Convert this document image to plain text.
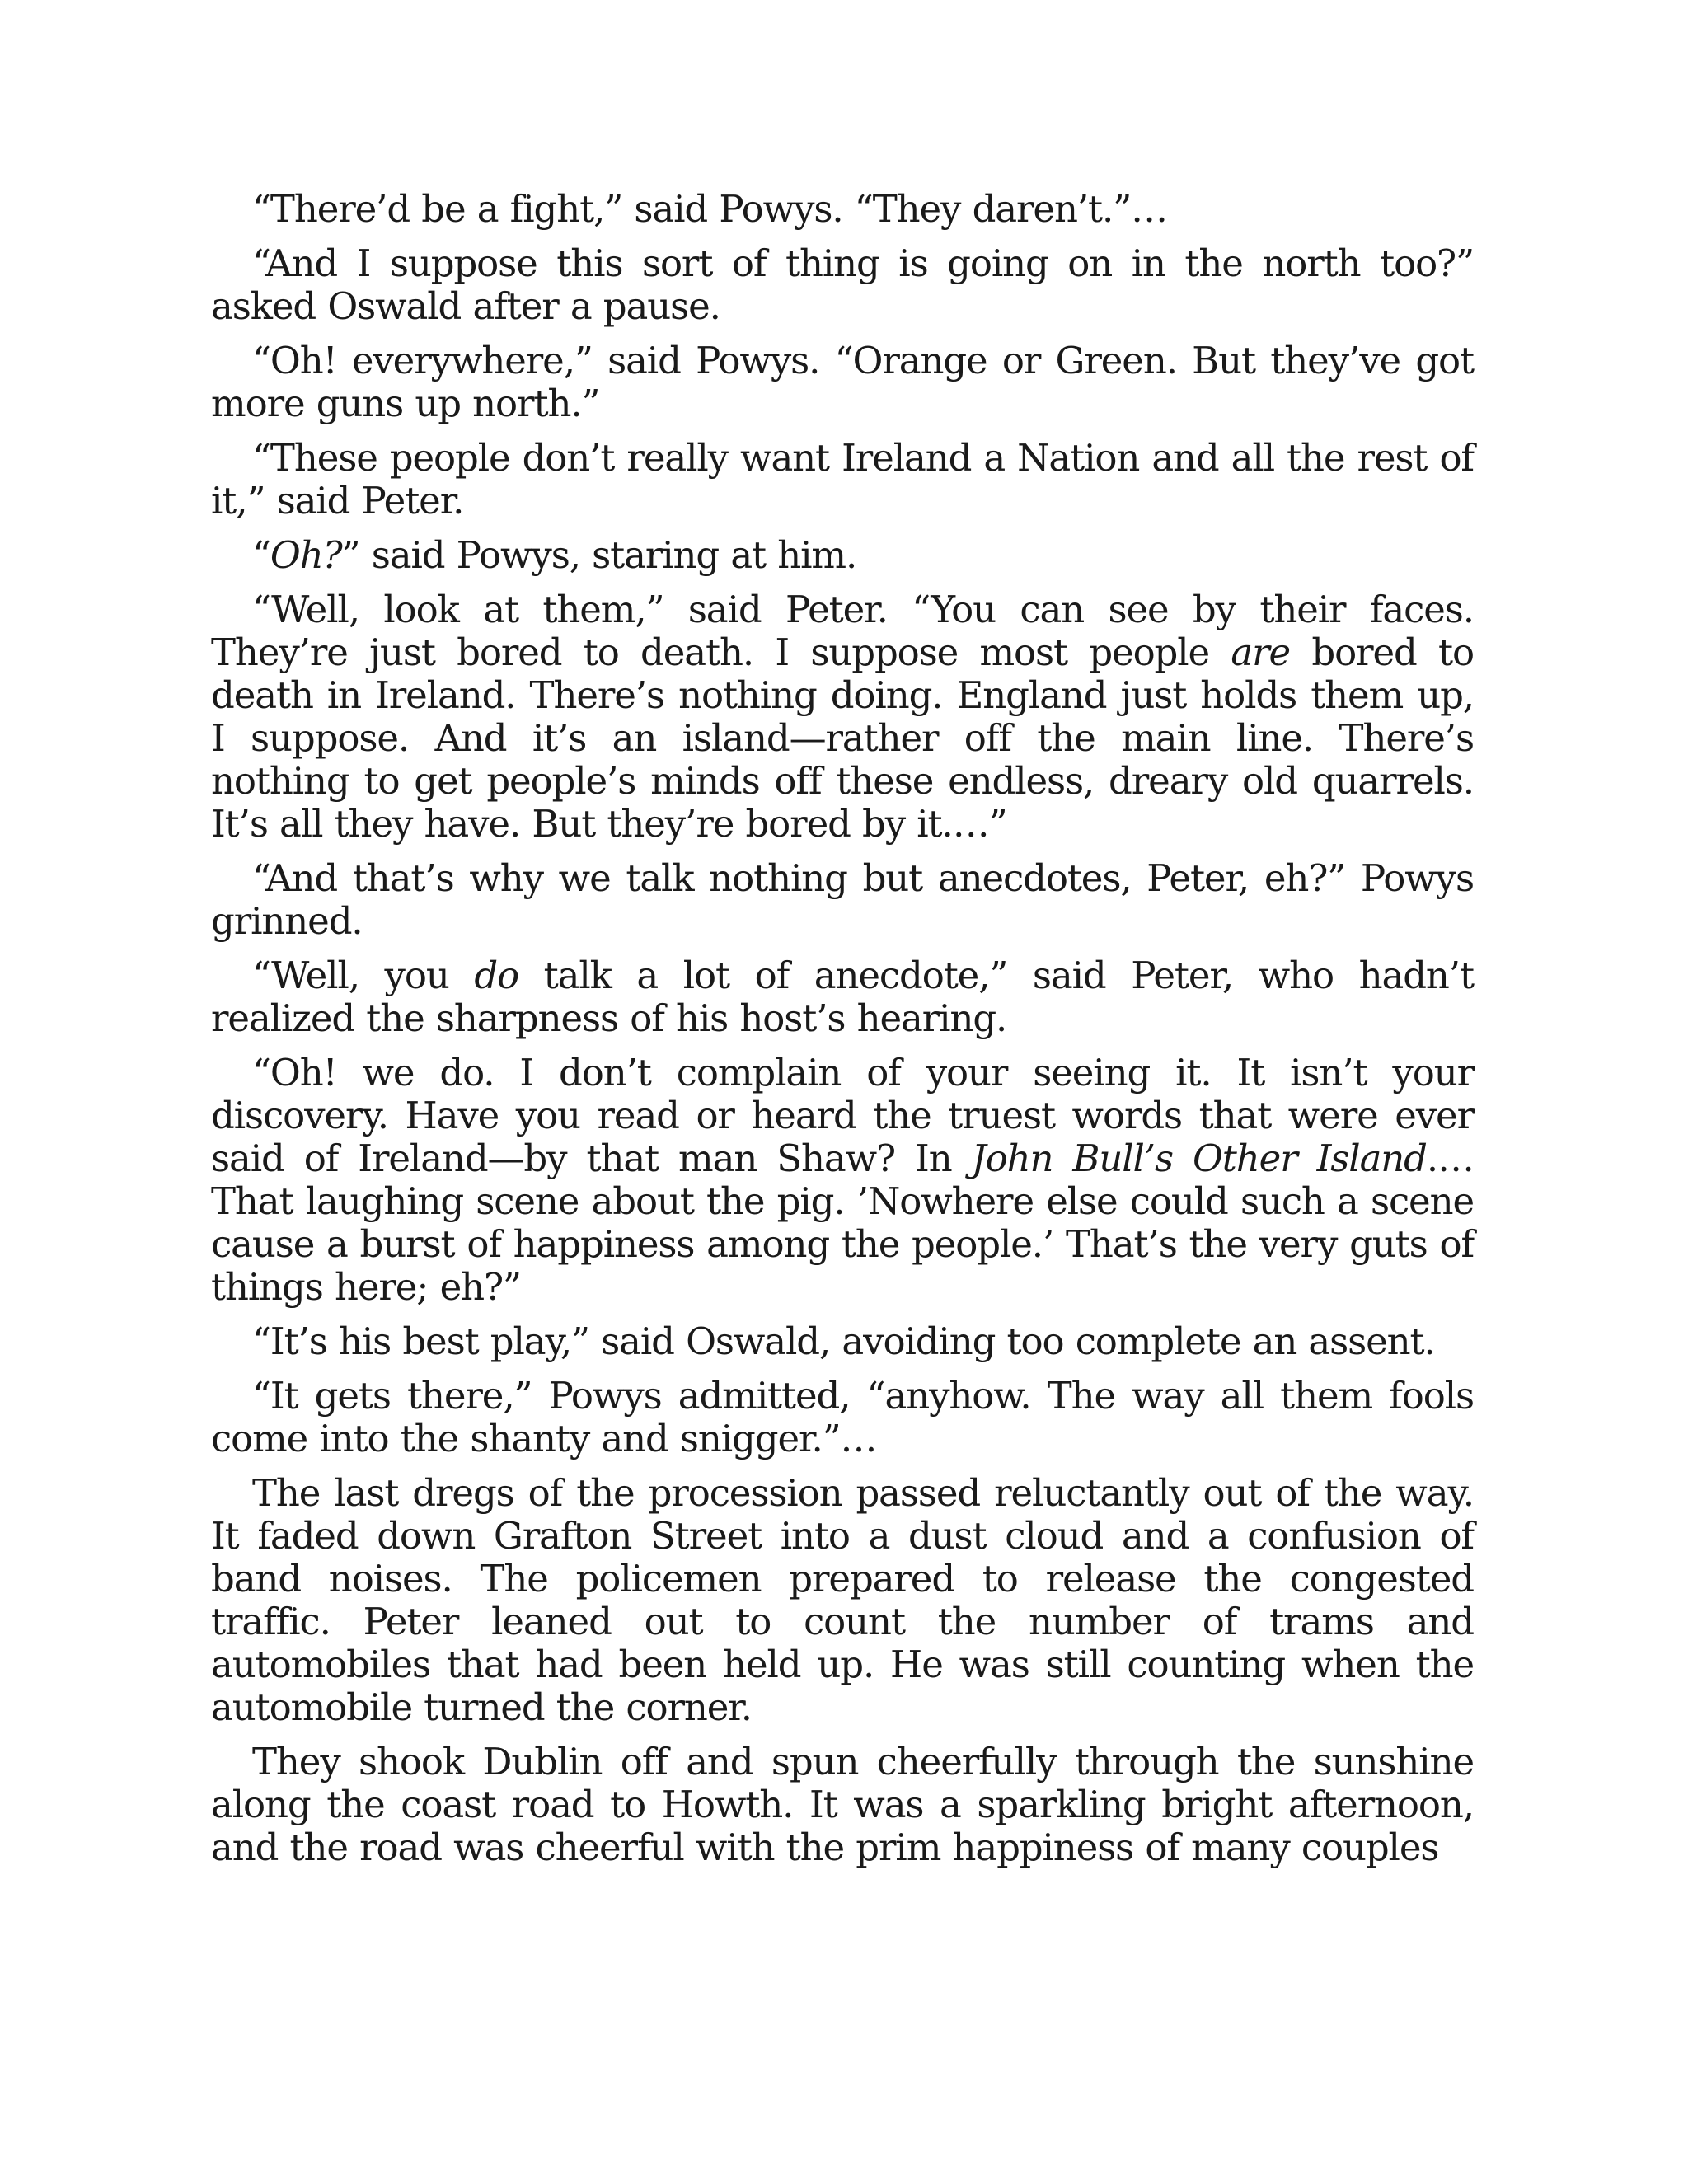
“There’d be a fight,” said Powys. “They daren’t.”…

“And I suppose this sort of thing is going on in the north too?” asked Oswald after a pause.

“Oh! everywhere,” said Powys. “Orange or Green. But they’ve got more guns up north.”

“These people don’t really want Ireland a Nation and all the rest of it,” said Peter.

“Oh?” said Powys, staring at him.

“Well, look at them,” said Peter. “You can see by their faces. They’re just bored to death. I suppose most people are bored to death in Ireland. There’s nothing doing. England just holds them up, I suppose. And it’s an island—rather off the main line. There’s nothing to get people’s minds off these endless, dreary old quarrels. It’s all they have. But they’re bored by it.…”

“And that’s why we talk nothing but anecdotes, Peter, eh?” Powys grinned.

“Well, you do talk a lot of anecdote,” said Peter, who hadn’t realized the sharpness of his host’s hearing.

“Oh! we do. I don’t complain of your seeing it. It isn’t your discovery. Have you read or heard the truest words that were ever said of Ireland—by that man Shaw? In John Bull’s Other Island.… That laughing scene about the pig. ’Nowhere else could such a scene cause a burst of happiness among the people.’ That’s the very guts of things here; eh?”

“It’s his best play,” said Oswald, avoiding too complete an assent.

“It gets there,” Powys admitted, “anyhow. The way all them fools come into the shanty and snigger.”…

The last dregs of the procession passed reluctantly out of the way. It faded down Grafton Street into a dust cloud and a confusion of band noises. The policemen prepared to release the congested traffic. Peter leaned out to count the number of trams and automobiles that had been held up. He was still counting when the automobile turned the corner.

They shook Dublin off and spun cheerfully through the sunshine along the coast road to Howth. It was a sparkling bright afternoon, and the road was cheerful with the prim happiness of many couples
